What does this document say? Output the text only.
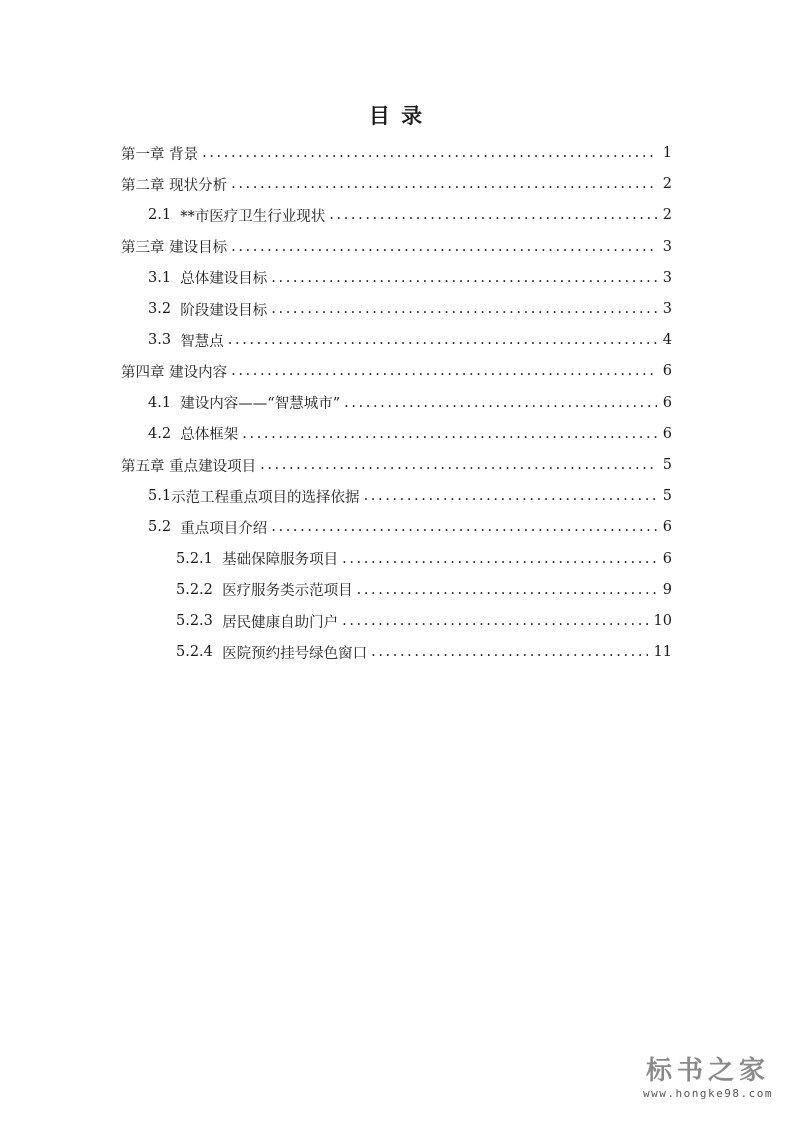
目 录
第一章 背景 .....	1
第二章 现状分析 .....	2
2.1 **市医疗卫生行业现状 .....	2
第三章 建设目标 .....	3
3.1 总体建设目标 .....	3
3.2 阶段建设目标 .....	3
3.3 智慧点 .....	4
第四章 建设内容 .....	6
4.1 建设内容——“智慧城市” .....	6
4.2 总体框架 .....	6
第五章 重点建设项目 .....	5
5.1 示范工程重点项目的选择依据 .....	5
5.2 重点项目介绍 .....	6
5.2.1 基础保障服务项目 .....	6
5.2.2 医疗服务类示范项目 .....	9
5.2.3 居民健康自助门户 .....	10
5.2.4 医院预约挂号绿色窗口 .....	11
标书之家
www.hongke98.com
